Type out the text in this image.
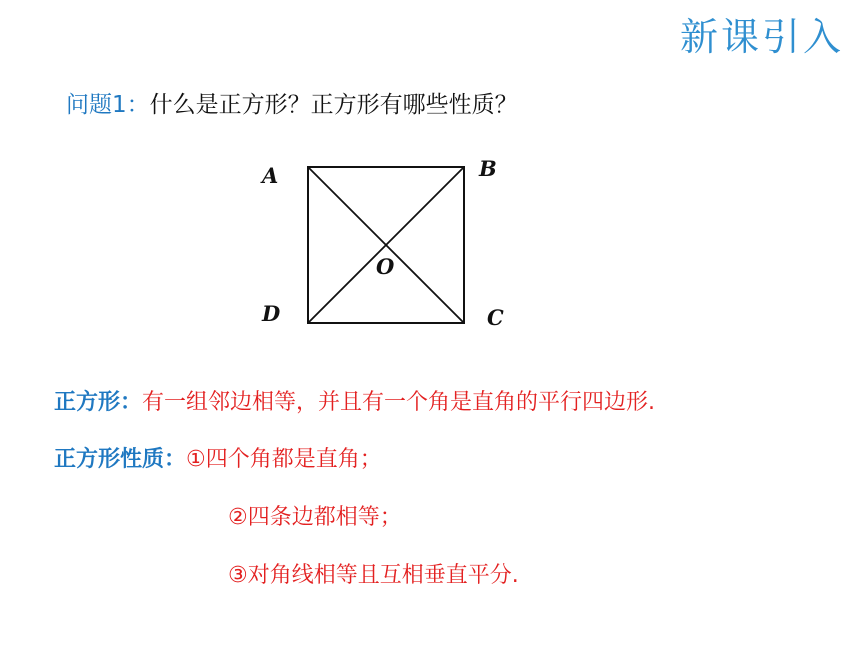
新课引入
问题1：什么是正方形？正方形有哪些性质？
A	B
D	C
O
正方形：有一组邻边相等，并且有一个角是直角的平行四边形.
正方形性质：①四个角都是直角；
②四条边都相等；
③对角线相等且互相垂直平分.
